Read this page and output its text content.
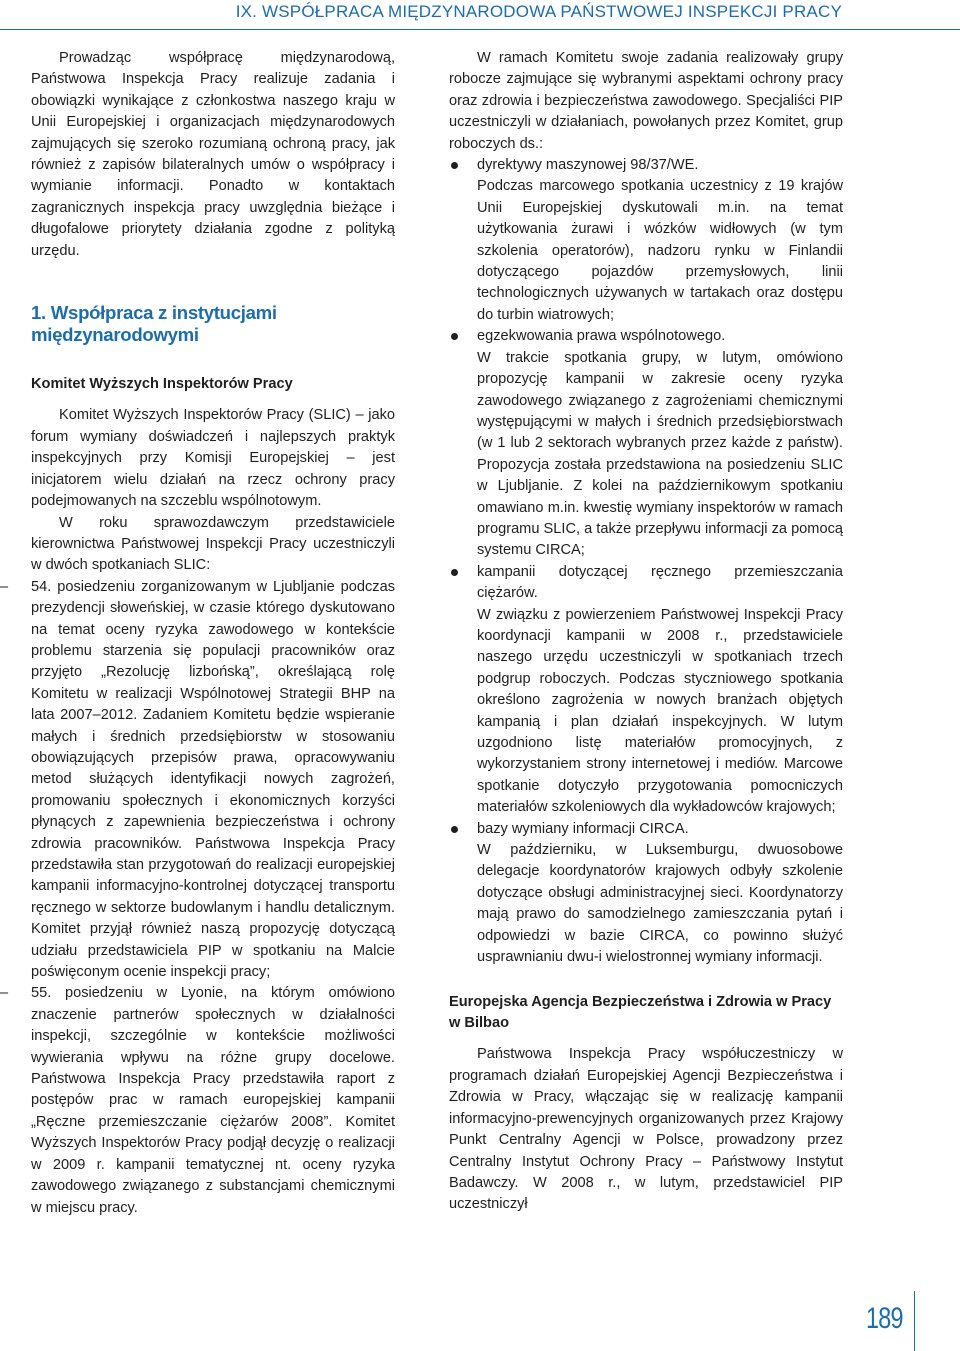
IX. WSPÓŁPRACA MIĘDZYNARODOWA PAŃSTWOWEJ INSPEKCJI PRACY

Prowadząc współpracę międzynarodową, Państwowa Inspekcja Pracy realizuje zadania i obowiązki wynikające z członkostwa naszego kraju w Unii Europejskiej i organizacjach międzynarodowych zajmujących się szeroko rozumianą ochroną pracy, jak również z zapisów bilateralnych umów o współpracy i wymianie informacji. Ponadto w kontaktach zagranicznych inspekcja pracy uwzględnia bieżące i długofalowe priorytety działania zgodne z polityką urzędu.

1. Współpraca z instytucjami międzynarodowymi
Komitet Wyższych Inspektorów Pracy

Komitet Wyższych Inspektorów Pracy (SLIC) – jako forum wymiany doświadczeń i najlepszych praktyk inspekcyjnych przy Komisji Europejskiej – jest inicjatorem wielu działań na rzecz ochrony pracy podejmowanych na szczeblu wspólnotowym.

W roku sprawozdawczym przedstawiciele kierownictwa Państwowej Inspekcji Pracy uczestniczyli w dwóch spotkaniach SLIC:

– 54. posiedzeniu zorganizowanym w Ljubljanie podczas prezydencji słoweńskiej, w czasie którego dyskutowano na temat oceny ryzyka zawodowego w kontekście problemu starzenia się populacji pracowników oraz przyjęto „Rezolucję lizbońską”, określającą rolę Komitetu w realizacji Wspólnotowej Strategii BHP na lata 2007–2012. Zadaniem Komitetu będzie wspieranie małych i średnich przedsiębiorstw w stosowaniu obowiązujących przepisów prawa, opracowywaniu metod służących identyfikacji nowych zagrożeń, promowaniu społecznych i ekonomicznych korzyści płynących z zapewnienia bezpieczeństwa i ochrony zdrowia pracowników. Państwowa Inspekcja Pracy przedstawiła stan przygotowań do realizacji europejskiej kampanii informacyjno-kontrolnej dotyczącej transportu ręcznego w sektorze budowlanym i handlu detalicznym. Komitet przyjął również naszą propozycję dotyczącą udziału przedstawiciela PIP w spotkaniu na Malcie poświęconym ocenie inspekcji pracy;
– 55. posiedzeniu w Lyonie, na którym omówiono znaczenie partnerów społecznych w działalności inspekcji, szczególnie w kontekście możliwości wywierania wpływu na różne grupy docelowe. Państwowa Inspekcja Pracy przedstawiła raport z postępów prac w ramach europejskiej kampanii „Ręczne przemieszczanie ciężarów 2008”. Komitet Wyższych Inspektorów Pracy podjął decyzję o realizacji w 2009 r. kampanii tematycznej nt. oceny ryzyka zawodowego związanego z substancjami chemicznymi w miejscu pracy.

W ramach Komitetu swoje zadania realizowały grupy robocze zajmujące się wybranymi aspektami ochrony pracy oraz zdrowia i bezpieczeństwa zawodowego. Specjaliści PIP uczestniczyli w działaniach, powołanych przez Komitet, grup roboczych ds.:

dyrektywy maszynowej 98/37/WE.

Podczas marcowego spotkania uczestnicy z 19 krajów Unii Europejskiej dyskutowali m.in. na temat użytkowania żurawi i wózków widłowych (w tym szkolenia operatorów), nadzoru rynku w Finlandii dotyczącego pojazdów przemysłowych, linii technologicznych używanych w tartakach oraz dostępu do turbin wiatrowych;

egzekwowania prawa wspólnotowego.

W trakcie spotkania grupy, w lutym, omówiono propozycję kampanii w zakresie oceny ryzyka zawodowego związanego z zagrożeniami chemicznymi występującymi w małych i średnich przedsiębiorstwach (w 1 lub 2 sektorach wybranych przez każde z państw). Propozycja została przedstawiona na posiedzeniu SLIC w Ljubljanie. Z kolei na październikowym spotkaniu omawiano m.in. kwestię wymiany inspektorów w ramach programu SLIC, a także przepływu informacji za pomocą systemu CIRCA;

kampanii dotyczącej ręcznego przemieszczania ciężarów.

W związku z powierzeniem Państwowej Inspekcji Pracy koordynacji kampanii w 2008 r., przedstawiciele naszego urzędu uczestniczyli w spotkaniach trzech podgrup roboczych. Podczas styczniowego spotkania określono zagrożenia w nowych branżach objętych kampanią i plan działań inspekcyjnych. W lutym uzgodniono listę materiałów promocyjnych, z wykorzystaniem strony internetowej i mediów. Marcowe spotkanie dotyczyło przygotowania pomocniczych materiałów szkoleniowych dla wykładowców krajowych;

bazy wymiany informacji CIRCA.

W październiku, w Luksemburgu, dwuosobowe delegacje koordynatorów krajowych odbyły szkolenie dotyczące obsługi administracyjnej sieci. Koordynatorzy mają prawo do samodzielnego zamieszczania pytań i odpowiedzi w bazie CIRCA, co powinno służyć usprawnianiu dwu-i wielostronnej wymiany informacji.

Europejska Agencja Bezpieczeństwa i Zdrowia w Pracy w Bilbao

Państwowa Inspekcja Pracy współuczestniczy w programach działań Europejskiej Agencji Bezpieczeństwa i Zdrowia w Pracy, włączając się w realizację kampanii informacyjno-prewencyjnych organizowanych przez Krajowy Punkt Centralny Agencji w Polsce, prowadzony przez Centralny Instytut Ochrony Pracy – Państwowy Instytut Badawczy. W 2008 r., w lutym, przedstawiciel PIP uczestniczył

189
